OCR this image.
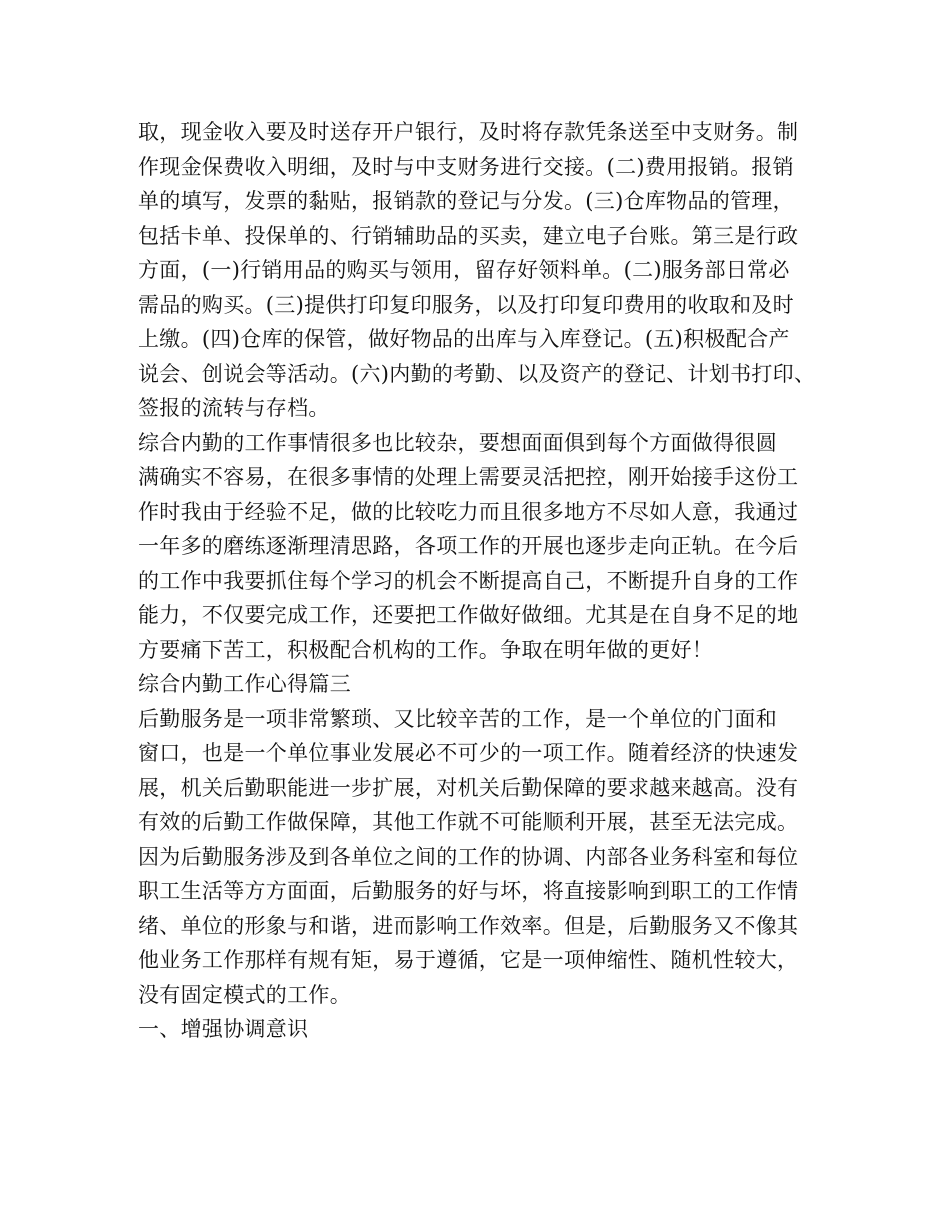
取，现金收入要及时送存开户银行，及时将存款凭条送至中支财务。制
作现金保费收入明细，及时与中支财务进行交接。(二)费用报销。报销
单的填写，发票的黏贴，报销款的登记与分发。(三)仓库物品的管理，
包括卡单、投保单的、行销辅助品的买卖，建立电子台账。第三是行政
方面，(一)行销用品的购买与领用，留存好领料单。(二)服务部日常必
需品的购买。(三)提供打印复印服务，以及打印复印费用的收取和及时
上缴。(四)仓库的保管，做好物品的出库与入库登记。(五)积极配合产
说会、创说会等活动。(六)内勤的考勤、以及资产的登记、计划书打印、
签报的流转与存档。
综合内勤的工作事情很多也比较杂，要想面面俱到每个方面做得很圆
满确实不容易，在很多事情的处理上需要灵活把控，刚开始接手这份工
作时我由于经验不足，做的比较吃力而且很多地方不尽如人意，我通过
一年多的磨练逐渐理清思路，各项工作的开展也逐步走向正轨。在今后
的工作中我要抓住每个学习的机会不断提高自己，不断提升自身的工作
能力，不仅要完成工作，还要把工作做好做细。尤其是在自身不足的地
方要痛下苦工，积极配合机构的工作。争取在明年做的更好！
综合内勤工作心得篇三
后勤服务是一项非常繁琐、又比较辛苦的工作，是一个单位的门面和
窗口，也是一个单位事业发展必不可少的一项工作。随着经济的快速发
展，机关后勤职能进一步扩展，对机关后勤保障的要求越来越高。没有
有效的后勤工作做保障，其他工作就不可能顺利开展，甚至无法完成。
因为后勤服务涉及到各单位之间的工作的协调、内部各业务科室和每位
职工生活等方方面面，后勤服务的好与坏，将直接影响到职工的工作情
绪、单位的形象与和谐，进而影响工作效率。但是，后勤服务又不像其
他业务工作那样有规有矩，易于遵循，它是一项伸缩性、随机性较大，
没有固定模式的工作。
一、增强协调意识
